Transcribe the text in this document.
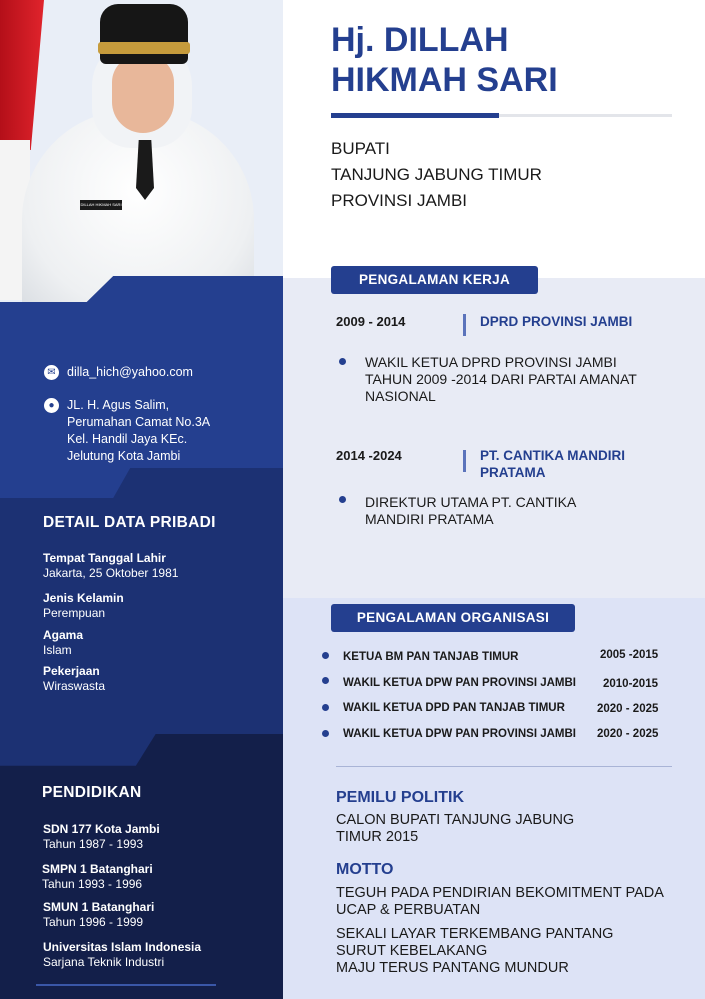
DILLAH HIKMAH SARI
✉ dilla_hich@yahoo.com
● JL. H. Agus Salim,
Perumahan Camat No.3A
Kel. Handil Jaya KEc.
Jelutung Kota Jambi
DETAIL DATA PRIBADI
Tempat Tanggal Lahir
Jakarta, 25 Oktober 1981
Jenis Kelamin
Perempuan
Agama
Islam
Pekerjaan
Wiraswasta
PENDIDIKAN
SDN 177 Kota Jambi
Tahun 1987 - 1993
SMPN 1 Batanghari
Tahun 1993 - 1996
SMUN 1 Batanghari
Tahun 1996 - 1999
Universitas Islam Indonesia
Sarjana Teknik Industri
Hj. DILLAH
HIKMAH SARI
BUPATI
TANJUNG JABUNG TIMUR
PROVINSI JAMBI
PENGALAMAN KERJA
2009 - 2014	DPRD PROVINSI JAMBI
WAKIL KETUA DPRD PROVINSI JAMBI
TAHUN 2009 -2014 DARI PARTAI AMANAT
NASIONAL
2014 -2024	PT. CANTIKA MANDIRI
PRATAMA
DIREKTUR UTAMA PT. CANTIKA
MANDIRI PRATAMA
PENGALAMAN ORGANISASI
KETUA BM PAN TANJAB TIMUR	2005 -2015
WAKIL KETUA DPW PAN PROVINSI JAMBI 2010-2015
WAKIL KETUA DPD PAN TANJAB TIMUR	2020 - 2025
WAKIL KETUA DPW PAN PROVINSI JAMBI 2020 - 2025
PEMILU POLITIK
CALON BUPATI TANJUNG JABUNG
TIMUR 2015
MOTTO
TEGUH PADA PENDIRIAN BEKOMITMENT PADA
UCAP & PERBUATAN
SEKALI LAYAR TERKEMBANG PANTANG
SURUT KEBELAKANG
MAJU TERUS PANTANG MUNDUR
